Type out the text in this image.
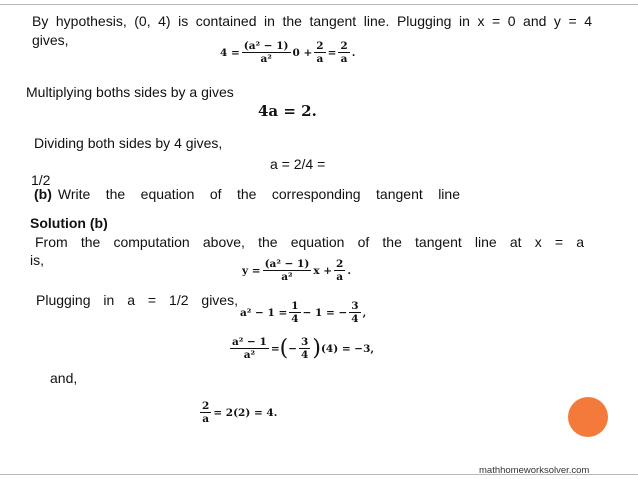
By hypothesis, (0, 4) is contained in the tangent line. Plugging in x = 0 and y = 4
gives,
$4 = \frac{\text{(a² − 1)}}{\text{a²}} 0 + \frac{2}{a} = \frac{2}{a}$ .
Multiplying boths sides by a gives
4a = 2.
Dividing both sides by 4 gives,
a = 2/4 =
1/2
(b) Write the equation of the corresponding tangent line
Solution (b)
From the computation above, the equation of the tangent line at x = a
is,
$y = \frac{\text{(a² − 1)}}{\text{a²}}$ $x + \frac{2}{a}$ .
Plugging in a = 1/2 gives,
$a^2 - 1 = \frac{1}{4} - 1$ = − $\frac{3}{4}$ ,
$\frac{\text{a² − 1}}{\text{a²}}$ = ( − $\frac{3}{4}$ ) (4) = −3,
and,
$\frac{2}{a} = 2(2) = 4$.
mathhomeworksolver.com
